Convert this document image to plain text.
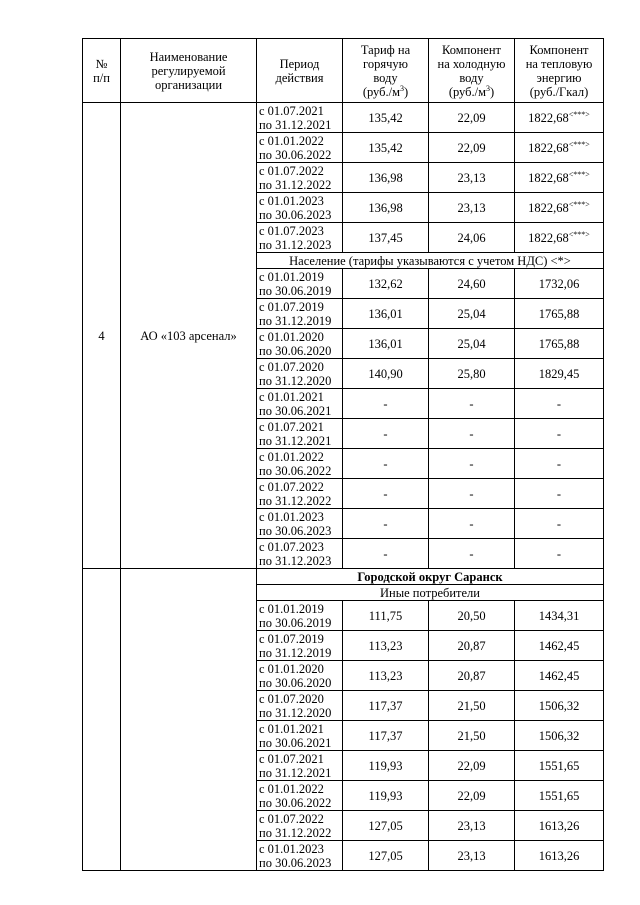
№
п/п	Наименование
регулируемой
организации	Период
действия	Тариф на
горячую
воду
$(руб./м^3)$	Компонент
на холодную
воду
$(руб./м^3)$	Компонент
на тепловую
энергию
(руб./Гкал)

4	АО «103 арсенал»	с 01.07.2021
по 31.12.2021	135,42	22,09	1822,68<***>

		с 01.01.2022
по 30.06.2022	135,42	22,09	1822,68<***>

		с 01.07.2022
по 31.12.2022	136,98	23,13	1822,68<***>

		с 01.01.2023
по 30.06.2023	136,98	23,13	1822,68<***>

		с 01.07.2023
по 31.12.2023	137,45	24,06	1822,68<***>
		Население (тарифы указываются с учетом НДС) <*>			

		с 01.01.2019
по 30.06.2019	132,62	24,60	1732,06

		с 01.07.2019
по 31.12.2019	136,01	25,04	1765,88

		с 01.01.2020
по 30.06.2020	136,01	25,04	1765,88

		с 01.07.2020
по 31.12.2020	140,90	25,80	1829,45

		с 01.01.2021
по 30.06.2021	-	-	-

		с 01.07.2021
по 31.12.2021	-	-	-

		с 01.01.2022
по 30.06.2022	-	-	-

		с 01.07.2022
по 31.12.2022	-	-	-

		с 01.01.2023
по 30.06.2023	-	-	-

		с 01.07.2023
по 31.12.2023	-	-	-
		Городской округ Саранск			
		Иные потребители			

		с 01.01.2019
по 30.06.2019	111,75	20,50	1434,31

		с 01.07.2019
по 31.12.2019	113,23	20,87	1462,45

		с 01.01.2020
по 30.06.2020	113,23	20,87	1462,45

		с 01.07.2020
по 31.12.2020	117,37	21,50	1506,32

		с 01.01.2021
по 30.06.2021	117,37	21,50	1506,32

		с 01.07.2021
по 31.12.2021	119,93	22,09	1551,65

		с 01.01.2022
по 30.06.2022	119,93	22,09	1551,65

		с 01.07.2022
по 31.12.2022	127,05	23,13	1613,26

		с 01.01.2023
по 30.06.2023	127,05	23,13	1613,26
